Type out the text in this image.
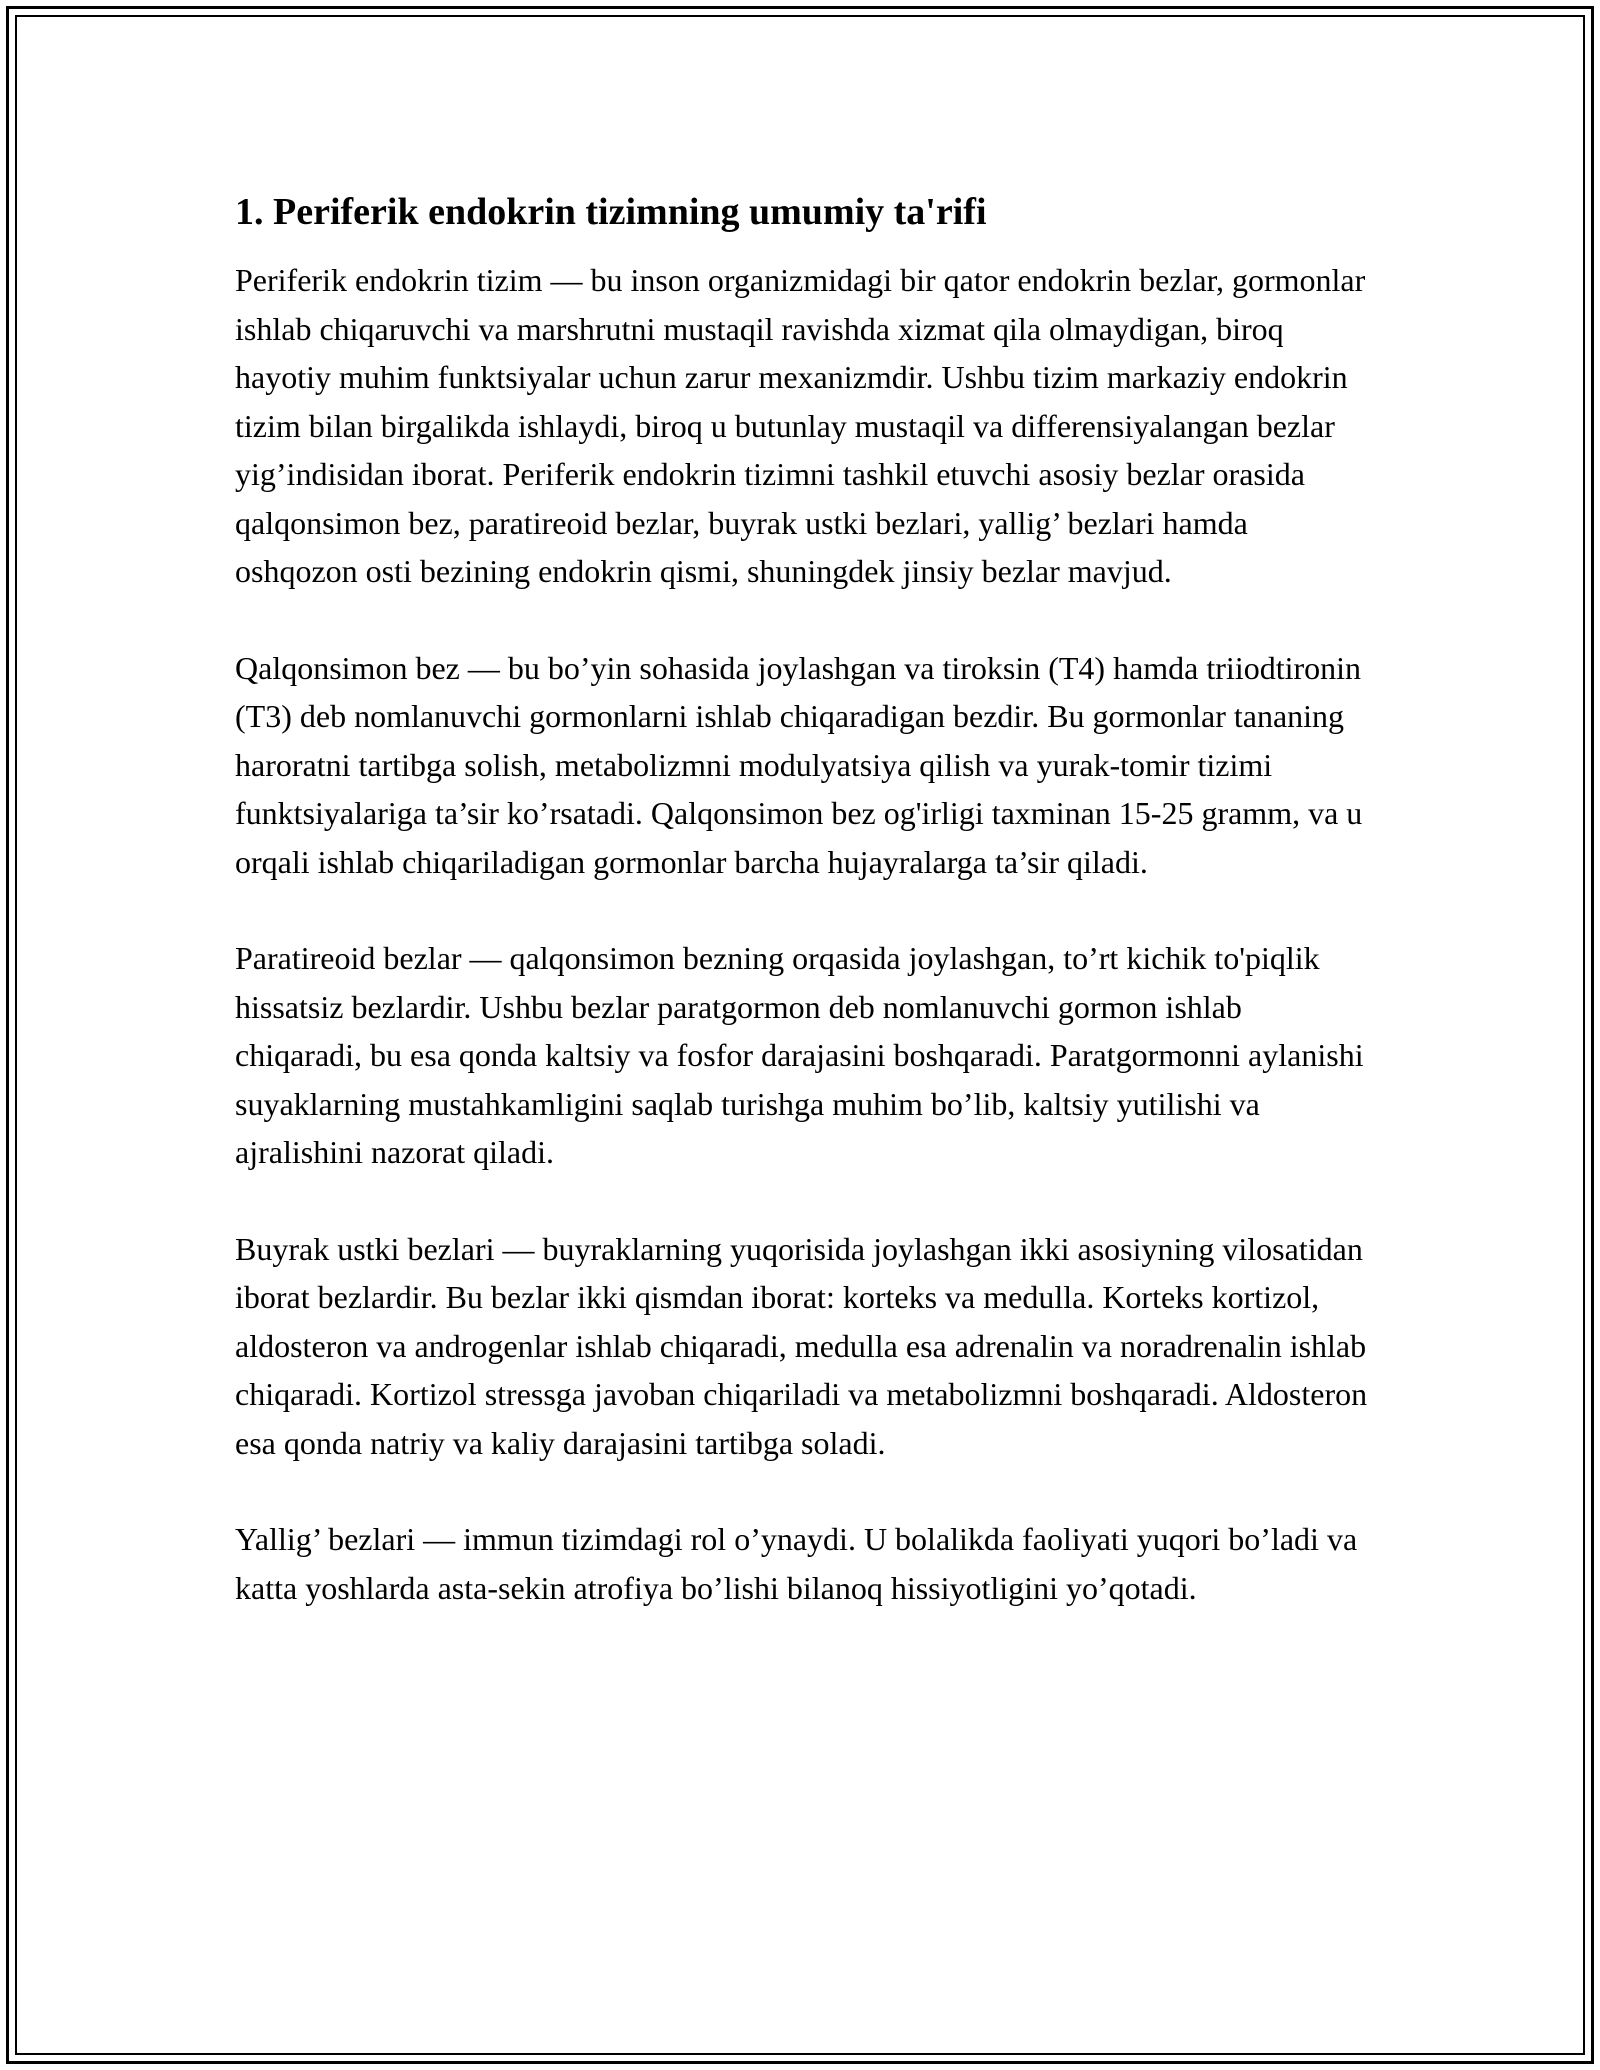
1. Periferik endokrin tizimning umumiy ta'rifi

Periferik endokrin tizim — bu inson organizmidagi bir qator endokrin bezlar, gormonlar ishlab chiqaruvchi va marshrutni mustaqil ravishda xizmat qila olmaydigan, biroq hayotiy muhim funktsiyalar uchun zarur mexanizmdir. Ushbu tizim markaziy endokrin tizim bilan birgalikda ishlaydi, biroq u butunlay mustaqil va differensiyalangan bezlar yig’indisidan iborat. Periferik endokrin tizimni tashkil etuvchi asosiy bezlar orasida qalqonsimon bez, paratireoid bezlar, buyrak ustki bezlari, yallig’ bezlari hamda oshqozon osti bezining endokrin qismi, shuningdek jinsiy bezlar mavjud.

Qalqonsimon bez — bu bo’yin sohasida joylashgan va tiroksin (T4) hamda triiodtironin (T3) deb nomlanuvchi gormonlarni ishlab chiqaradigan bezdir. Bu gormonlar tananing haroratni tartibga solish, metabolizmni modulyatsiya qilish va yurak-tomir tizimi funktsiyalariga ta’sir ko’rsatadi. Qalqonsimon bez og'irligi taxminan 15-25 gramm, va u orqali ishlab chiqariladigan gormonlar barcha hujayralarga ta’sir qiladi.

Paratireoid bezlar — qalqonsimon bezning orqasida joylashgan, to’rt kichik to'piqlik hissatsiz bezlardir. Ushbu bezlar paratgormon deb nomlanuvchi gormon ishlab chiqaradi, bu esa qonda kaltsiy va fosfor darajasini boshqaradi. Paratgormonni aylanishi suyaklarning mustahkamligini saqlab turishga muhim bo’lib, kaltsiy yutilishi va ajralishini nazorat qiladi.

Buyrak ustki bezlari — buyraklarning yuqorisida joylashgan ikki asosiyning vilosatidan iborat bezlardir. Bu bezlar ikki qismdan iborat: korteks va medulla. Korteks kortizol, aldosteron va androgenlar ishlab chiqaradi, medulla esa adrenalin va noradrenalin ishlab chiqaradi. Kortizol stressga javoban chiqariladi va metabolizmni boshqaradi. Aldosteron esa qonda natriy va kaliy darajasini tartibga soladi.

Yallig’ bezlari — immun tizimdagi rol o’ynaydi. U bolalikda faoliyati yuqori bo’ladi va katta yoshlarda asta-sekin atrofiya bo’lishi bilanoq hissiyotligini yo’qotadi.
